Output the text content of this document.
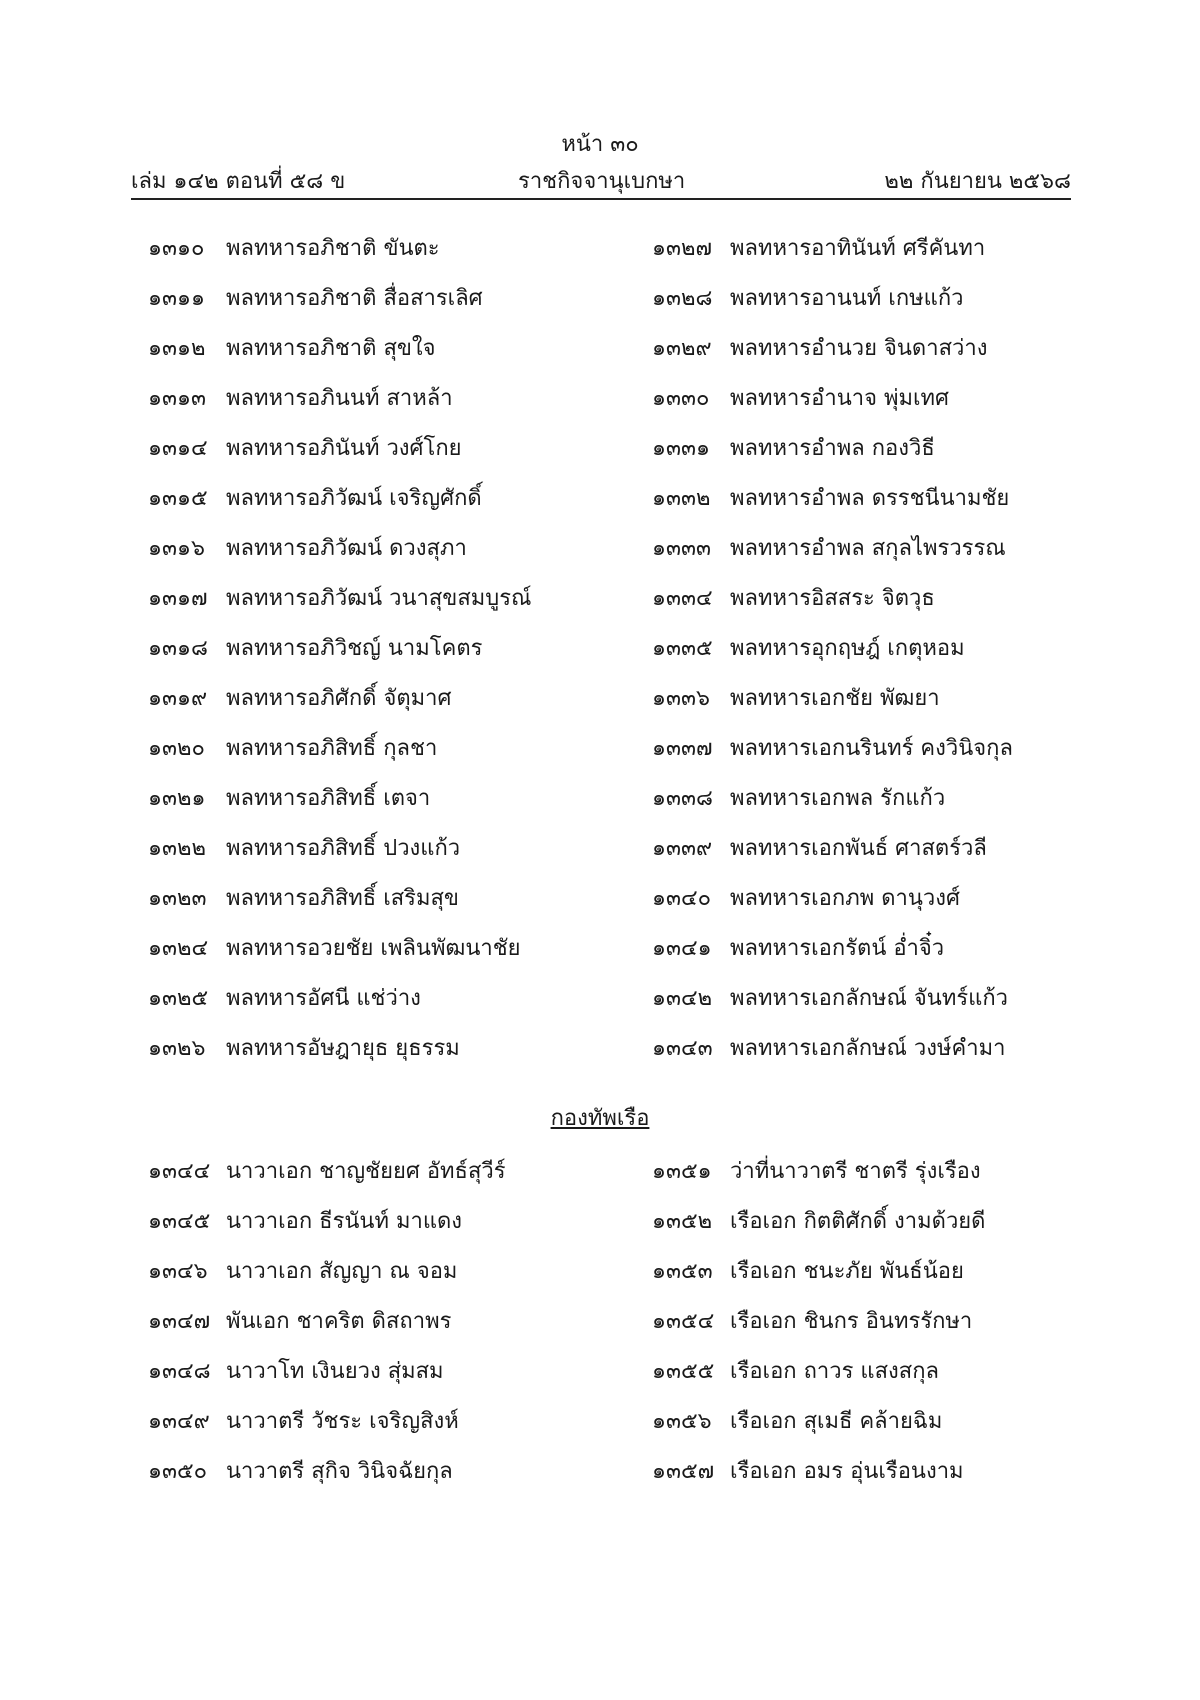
หน้า ๓๐
เล่ม ๑๔๒ ตอนที่ ๕๘ ข	ราชกิจจานุเบกษา	๒๒ กันยายน ๒๕๖๘
๑๓๑๐ พลทหารอภิชาติ ขันตะ
๑๓๑๑ พลทหารอภิชาติ สื่อสารเลิศ
๑๓๑๒ พลทหารอภิชาติ สุขใจ
๑๓๑๓ พลทหารอภินนท์ สาหล้า
๑๓๑๔ พลทหารอภินันท์ วงศ์โกย
๑๓๑๕ พลทหารอภิวัฒน์ เจริญศักดิ์
๑๓๑๖ พลทหารอภิวัฒน์ ดวงสุภา
๑๓๑๗ พลทหารอภิวัฒน์ วนาสุขสมบูรณ์
๑๓๑๘ พลทหารอภิวิชญ์ นามโคตร
๑๓๑๙ พลทหารอภิศักดิ์ จัตุมาศ
๑๓๒๐ พลทหารอภิสิทธิ์ กุลชา
๑๓๒๑ พลทหารอภิสิทธิ์ เตจา
๑๓๒๒ พลทหารอภิสิทธิ์ ปวงแก้ว
๑๓๒๓ พลทหารอภิสิทธิ์ เสริมสุข
๑๓๒๔ พลทหารอวยชัย เพลินพัฒนาชัย
๑๓๒๕ พลทหารอัศนี แช่ว่าง
๑๓๒๖ พลทหารอัษฎายุธ ยุธรรม
๑๓๒๗ พลทหารอาทินันท์ ศรีคันทา
๑๓๒๘ พลทหารอานนท์ เกษแก้ว
๑๓๒๙ พลทหารอำนวย จินดาสว่าง
๑๓๓๐ พลทหารอำนาจ พุ่มเทศ
๑๓๓๑ พลทหารอำพล กองวิธี
๑๓๓๒ พลทหารอำพล ดรรชนีนามชัย
๑๓๓๓ พลทหารอำพล สกุลไพรวรรณ
๑๓๓๔ พลทหารอิสสระ จิตวุธ
๑๓๓๕ พลทหารอุกฤษฎ์ เกตุหอม
๑๓๓๖ พลทหารเอกชัย พัฒยา
๑๓๓๗ พลทหารเอกนรินทร์ คงวินิจกุล
๑๓๓๘ พลทหารเอกพล รักแก้ว
๑๓๓๙ พลทหารเอกพันธ์ ศาสตร์วลี
๑๓๔๐ พลทหารเอกภพ ดานุวงศ์
๑๓๔๑ พลทหารเอกรัตน์ อ่ำจิ๋ว
๑๓๔๒ พลทหารเอกลักษณ์ จันทร์แก้ว
๑๓๔๓ พลทหารเอกลักษณ์ วงษ์คำมา
กองทัพเรือ
๑๓๔๔ นาวาเอก ชาญชัยยศ อัทธ์สุวีร์
๑๓๔๕ นาวาเอก ธีรนันท์ มาแดง
๑๓๔๖ นาวาเอก สัญญา ณ จอม
๑๓๔๗ พันเอก ชาคริต ดิสถาพร
๑๓๔๘ นาวาโท เงินยวง สุ่มสม
๑๓๔๙ นาวาตรี วัชระ เจริญสิงห์
๑๓๕๐ นาวาตรี สุกิจ วินิจฉัยกุล
๑๓๕๑ ว่าที่นาวาตรี ชาตรี รุ่งเรือง
๑๓๕๒ เรือเอก กิตติศักดิ์ งามด้วยดี
๑๓๕๓ เรือเอก ชนะภัย พันธ์น้อย
๑๓๕๔ เรือเอก ชินกร อินทรรักษา
๑๓๕๕ เรือเอก ถาวร แสงสกุล
๑๓๕๖ เรือเอก สุเมธี คล้ายฉิม
๑๓๕๗ เรือเอก อมร อุ่นเรือนงาม
